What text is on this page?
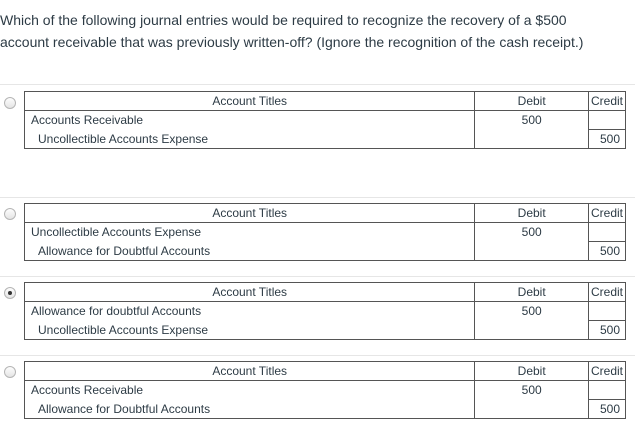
Which of the following journal entries would be required to recognize the recovery of a $500
account receivable that was previously written-off? (Ignore the recognition of the cash receipt.)
Account Titles	Debit	Credit
Accounts Receivable	500	
Uncollectible Accounts Expense		500
Account Titles	Debit	Credit
Uncollectible Accounts Expense	500	
Allowance for Doubtful Accounts		500
Account Titles	Debit	Credit
Allowance for doubtful Accounts	500	
Uncollectible Accounts Expense		500
Account Titles	Debit	Credit
Accounts Receivable	500	
Allowance for Doubtful Accounts		500
